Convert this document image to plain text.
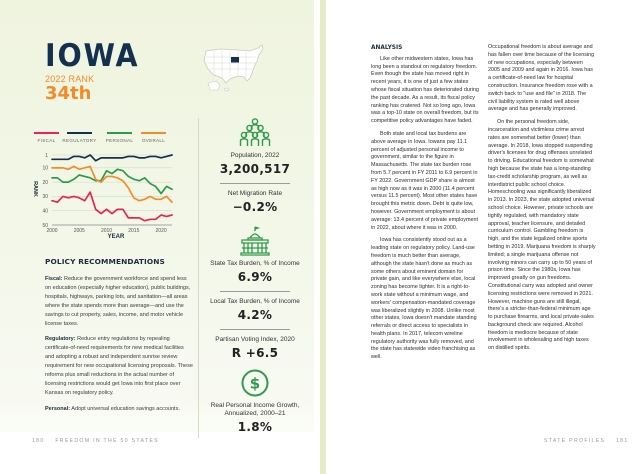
IOWA
2022 RANK
34th
FISCAL REGULATORY PERSONAL OVERALL
2000	2005	2010	2015	2020
1
10
20
30
40
50
YEAR
RANK
Population, 2022
3,200,517
Net Migration Rate
−0.2%
State Tax Burden, % of Income
6.9%
Local Tax Burden, % of Income
4.2%
Partisan Voting Index, 2020
R +6.5
$
Real Personal Income Growth, Annualized, 2000–21
1.8%
POLICY RECOMMENDATIONS

Fiscal: Reduce the government workforce and spend less on education (especially higher education), public buildings, hospitals, highways, parking lots, and sanitation—all areas where the state spends more than average—and use the savings to cut property, sales, income, and motor vehicle license taxes.

Regulatory: Reduce entry regulations by repealing certificate-of-need requirements for new medical facilities and adopting a robust and independent sunrise review requirement for new occupational licensing proposals. These reforms plus small reductions in the actual number of licensing restrictions would get Iowa into first place over Kansas on regulatory policy.

Personal: Adopt universal education savings accounts.

180 FREEDOM IN THE 50 STATES
ANALYSIS

Like other midwestern states, Iowa has long been a standout on regulatory freedom. Even though the state has moved right in recent years, it is one of just a few states whose fiscal situation has deteriorated during the past decade. As a result, its fiscal policy ranking has cratered. Not so long ago, Iowa was a top-10 state on overall freedom, but its competitive policy advantages have faded.

Both state and local tax burdens are above average in Iowa. Iowans pay 11.1 percent of adjusted personal income to government, similar to the figure in Massachusetts. The state tax burden rose from 5.7 percent in FY 2011 to 6.9 percent in FY 2022. Government GDP share is almost as high now as it was in 2000 (11.4 percent versus 11.5 percent). Most other states have brought this metric down. Debt is quite low, however. Government employment is about average: 13.4 percent of private employment in 2022, about where it was in 2000.

Iowa has consistently stood out as a leading state on regulatory policy. Land-use freedom is much better than average, although the state hasn't done as much as some others about eminent domain for private gain, and like everywhere else, local zoning has become tighter. It is a right-to-work state without a minimum wage, and workers' compensation-mandated coverage was liberalized slightly in 2008. Unlike most other states, Iowa doesn't mandate standing referrals or direct access to specialists in health plans. In 2017, telecom wireline regulatory authority was fully removed, and the state has statewide video franchising as well.

Occupational freedom is about average and has fallen over time because of the licensing of new occupations, especially between 2005 and 2009 and again in 2016. Iowa has a certificate-of-need law for hospital construction. Insurance freedom rose with a switch back to "use and file" in 2018. The civil liability system is rated well above average and has generally improved.

On the personal freedom side, incarceration and victimless crime arrest rates are somewhat better (lower) than average. In 2018, Iowa stopped suspending driver's licenses for drug offenses unrelated to driving. Educational freedom is somewhat high because the state has a long-standing tax-credit scholarship program, as well as interdistrict public school choice. Homeschooling was significantly liberalized in 2013. In 2023, the state adopted universal school choice. However, private schools are tightly regulated, with mandatory state approval, teacher licensure, and detailed curriculum control. Gambling freedom is high, and the state legalized online sports betting in 2019. Marijuana freedom is sharply limited; a single marijuana offense not involving minors can carry up to 50 years of prison time. Since the 1980s, Iowa has improved greatly on gun freedoms. Constitutional carry was adopted and owner licensing restrictions were removed in 2021. However, machine guns are still illegal, there's a stricter-than-federal minimum age to purchase firearms, and local private-sales background check are required. Alcohol freedom is mediocre because of state involvement in wholesaling and high taxes on distilled spirits.

STATE PROFILES 181
